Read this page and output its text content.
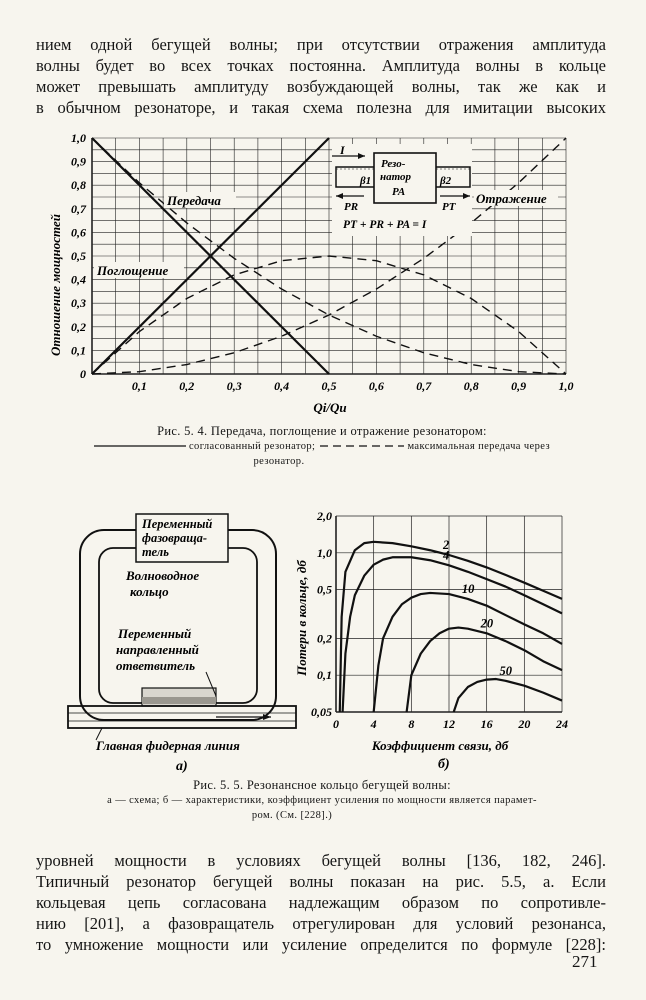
нием одной бегущей волны; при отсутствии отражения амплитуда
волны будет во всех точках постоянна. Амплитуда волны в кольце
может превышать амплитуду возбуждающей волны, так же как и
в обычном резонаторе, и такая схема полезна для имитации высоких
0
0,1
0,2
0,3
0,4
0,5
0,6
0,7
0,8
0,9
1,0
0,1	0,2	0,3	0,4	0,5	0,6	0,7	0,8	0,9	1,0
Отношение мощностей
Qi/Qu
Передача
Поглощение
Отражение
I
Резо-
натор
PA
β1	β2
PR	PT
PT + PR + PA = I
Рис. 5. 4. Передача, поглощение и отражение резонатором:
согласованный резонатор;	максимальная передача через
резонатор.
Переменный
фазовраща-
тель
Волноводное
кольцо
Переменный
направленный
ответвитель
Главная фидерная линия
а)
2
4
10
20
50
0,05
0,1
0,2
0,5
1,0
2,0
0	4	8 12 16 20 24
Потери в кольце, дб
Коэффициент связи, дб
б)
Рис. 5. 5. Резонансное кольцо бегущей волны:
а — схема; б — характеристики, коэффициент усиления по мощности является парамет-
ром. (См. [228].)
уровней мощности в условиях бегущей волны [136, 182, 246].
Типичный резонатор бегущей волны показан на рис. 5.5, а. Если
кольцевая цепь согласована надлежащим образом по сопротивле-
нию [201], а фазовращатель отрегулирован для условий резонанса,
то умножение мощности или усиление определится по формуле [228]:
271
